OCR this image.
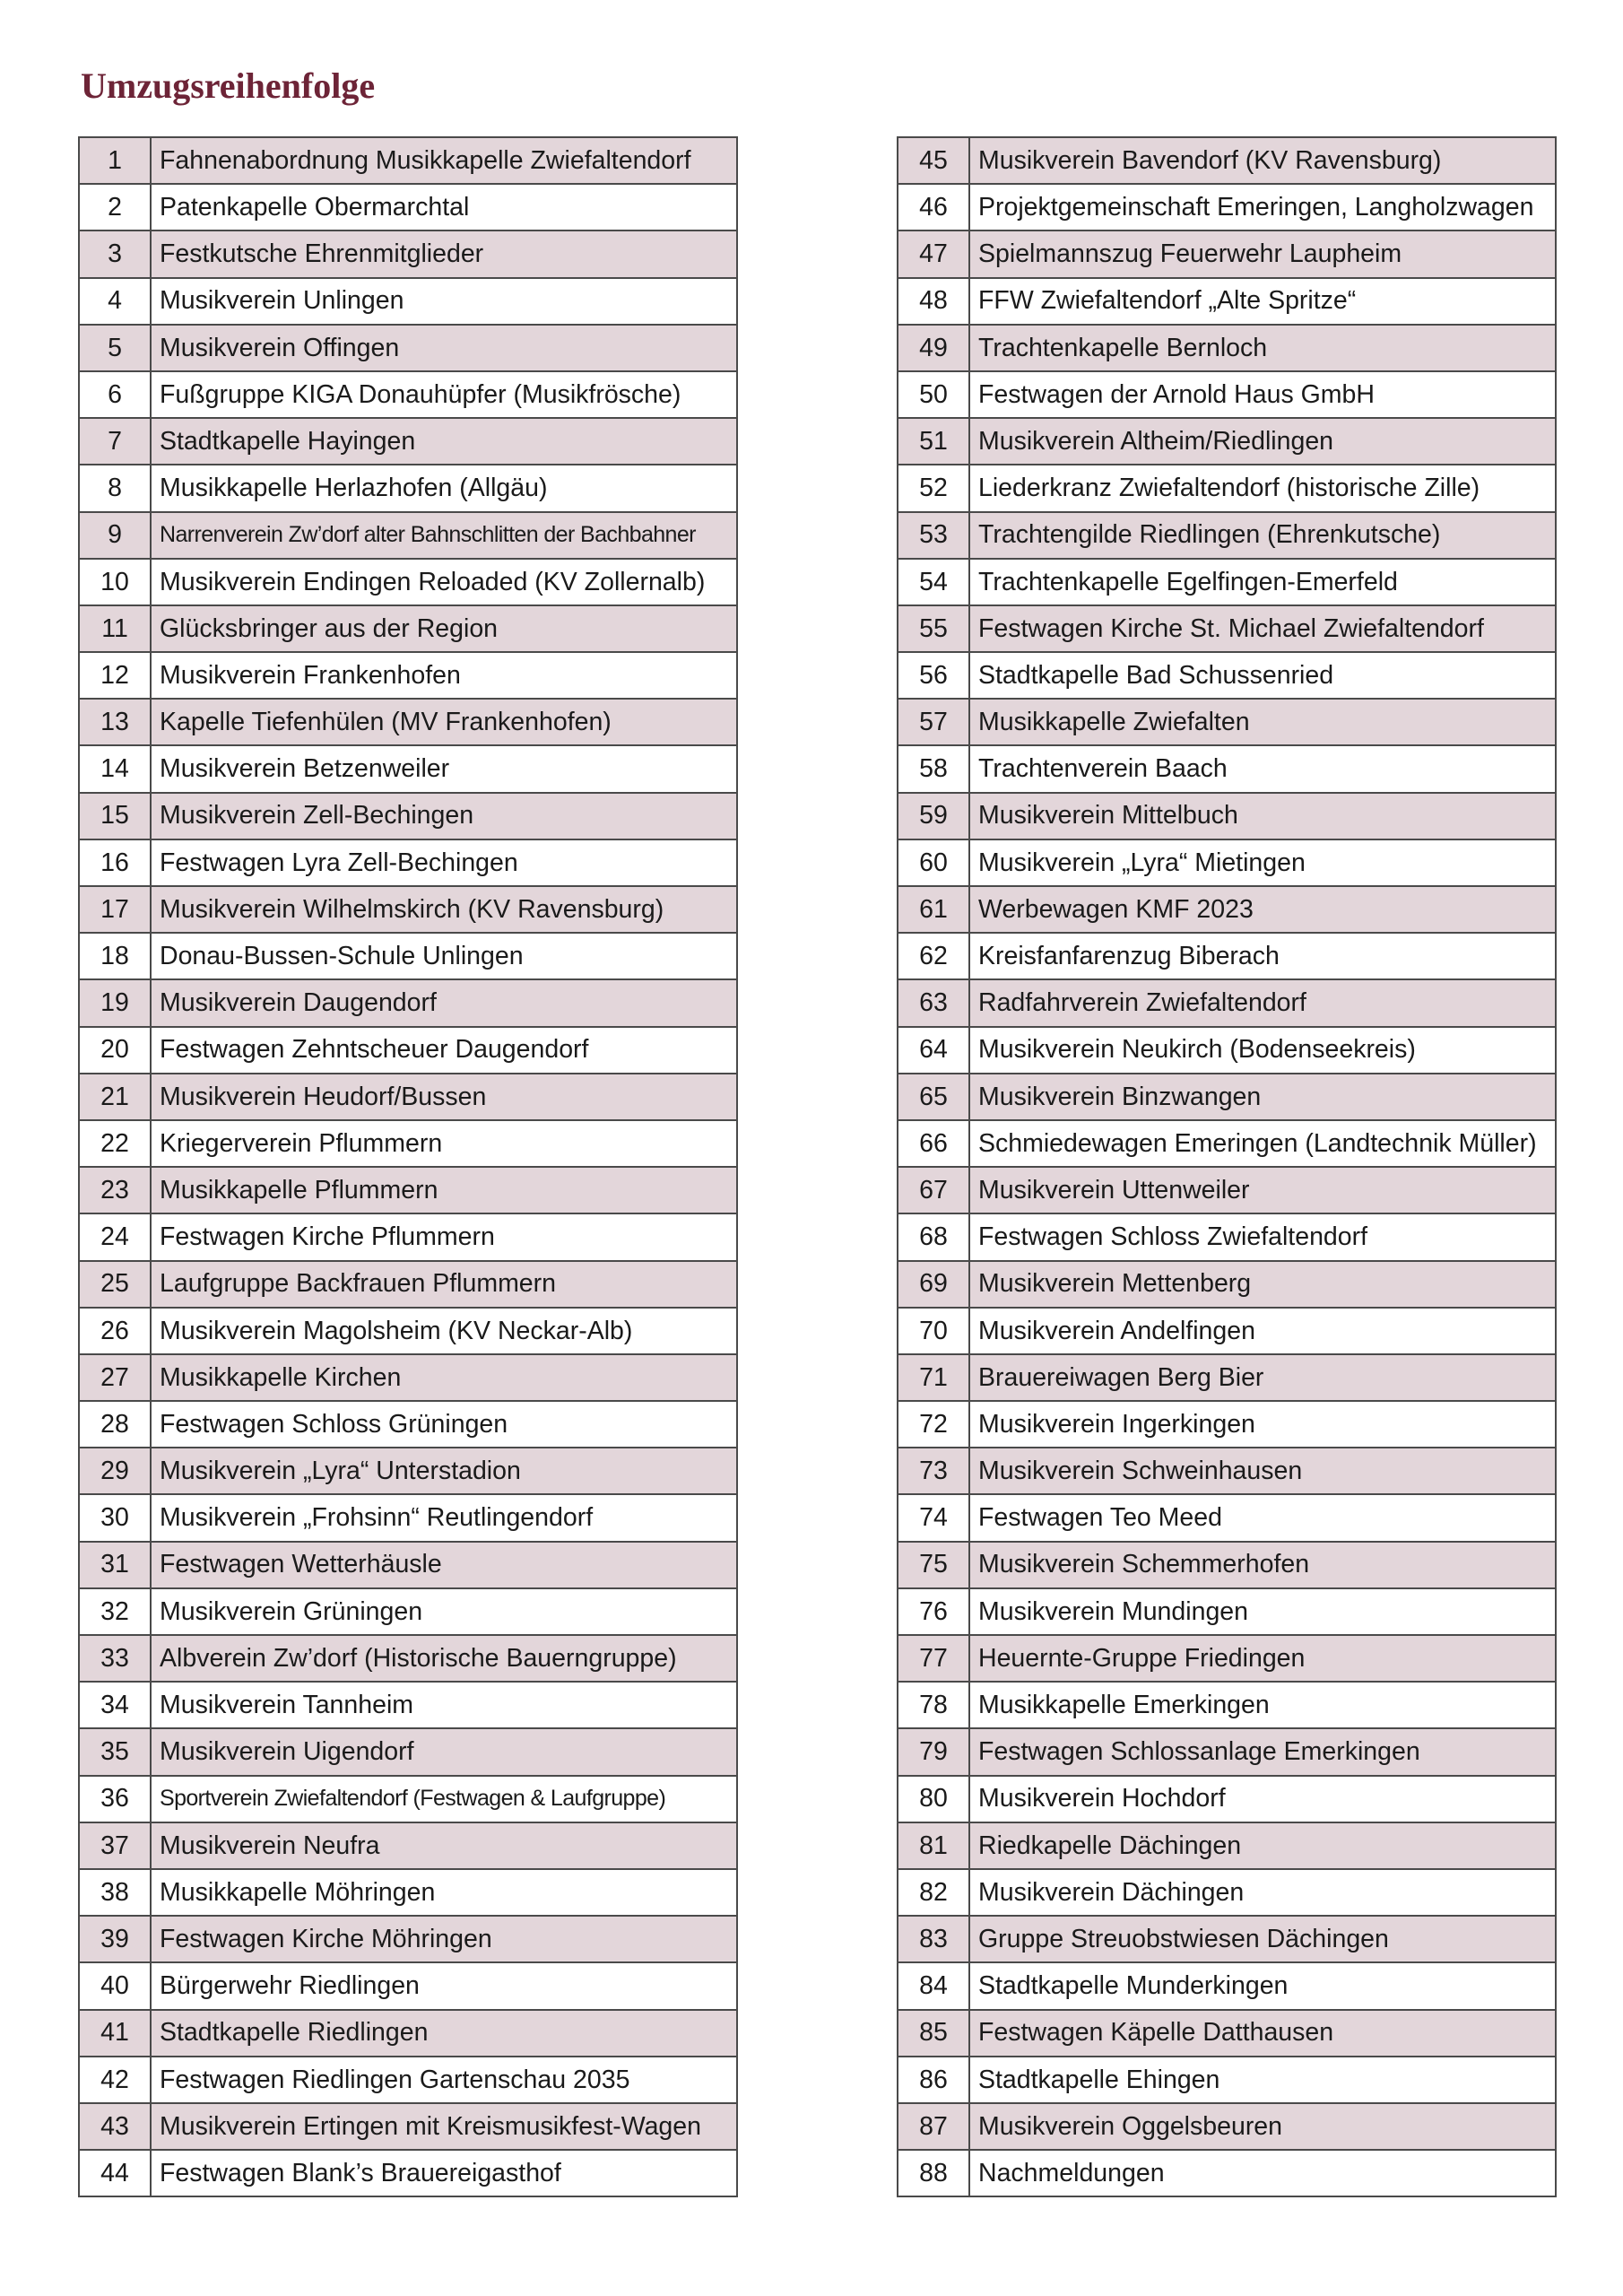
Umzugsreihenfolge
1	Fahnenabordnung Musikkapelle Zwiefaltendorf
2	Patenkapelle Obermarchtal
3	Festkutsche Ehrenmitglieder
4	Musikverein Unlingen
5	Musikverein Offingen
6	Fußgruppe KIGA Donauhüpfer (Musikfrösche)
7	Stadtkapelle Hayingen
8	Musikkapelle Herlazhofen (Allgäu)
9	Narrenverein Zw’dorf alter Bahnschlitten der Bachbahner
10	Musikverein Endingen Reloaded (KV Zollernalb)
11	Glücksbringer aus der Region
12	Musikverein Frankenhofen
13	Kapelle Tiefenhülen (MV Frankenhofen)
14	Musikverein Betzenweiler
15	Musikverein Zell-Bechingen
16	Festwagen Lyra Zell-Bechingen
17	Musikverein Wilhelmskirch (KV Ravensburg)
18	Donau-Bussen-Schule Unlingen
19	Musikverein Daugendorf
20	Festwagen Zehntscheuer Daugendorf
21	Musikverein Heudorf/Bussen
22	Kriegerverein Pflummern
23	Musikkapelle Pflummern
24	Festwagen Kirche Pflummern
25	Laufgruppe Backfrauen Pflummern
26	Musikverein Magolsheim (KV Neckar-Alb)
27	Musikkapelle Kirchen
28	Festwagen Schloss Grüningen
29	Musikverein „Lyra“ Unterstadion
30	Musikverein „Frohsinn“ Reutlingendorf
31	Festwagen Wetterhäusle
32	Musikverein Grüningen
33	Albverein Zw’dorf (Historische Bauerngruppe)
34	Musikverein Tannheim
35	Musikverein Uigendorf
36	Sportverein Zwiefaltendorf (Festwagen & Laufgruppe)
37	Musikverein Neufra
38	Musikkapelle Möhringen
39	Festwagen Kirche Möhringen
40	Bürgerwehr Riedlingen
41	Stadtkapelle Riedlingen
42	Festwagen Riedlingen Gartenschau 2035
43	Musikverein Ertingen mit Kreismusikfest-Wagen
44	Festwagen Blank’s Brauereigasthof
45	Musikverein Bavendorf (KV Ravensburg)
46	Projektgemeinschaft Emeringen, Langholzwagen
47	Spielmannszug Feuerwehr Laupheim
48	FFW Zwiefaltendorf „Alte Spritze“
49	Trachtenkapelle Bernloch
50	Festwagen der Arnold Haus GmbH
51	Musikverein Altheim/Riedlingen
52	Liederkranz Zwiefaltendorf (historische Zille)
53	Trachtengilde Riedlingen (Ehrenkutsche)
54	Trachtenkapelle Egelfingen-Emerfeld
55	Festwagen Kirche St. Michael Zwiefaltendorf
56	Stadtkapelle Bad Schussenried
57	Musikkapelle Zwiefalten
58	Trachtenverein Baach
59	Musikverein Mittelbuch
60	Musikverein „Lyra“ Mietingen
61	Werbewagen KMF 2023
62	Kreisfanfarenzug Biberach
63	Radfahrverein Zwiefaltendorf
64	Musikverein Neukirch (Bodenseekreis)
65	Musikverein Binzwangen
66	Schmiedewagen Emeringen (Landtechnik Müller)
67	Musikverein Uttenweiler
68	Festwagen Schloss Zwiefaltendorf
69	Musikverein Mettenberg
70	Musikverein Andelfingen
71	Brauereiwagen Berg Bier
72	Musikverein Ingerkingen
73	Musikverein Schweinhausen
74	Festwagen Teo Meed
75	Musikverein Schemmerhofen
76	Musikverein Mundingen
77	Heuernte-Gruppe Friedingen
78	Musikkapelle Emerkingen
79	Festwagen Schlossanlage Emerkingen
80	Musikverein Hochdorf
81	Riedkapelle Dächingen
82	Musikverein Dächingen
83	Gruppe Streuobstwiesen Dächingen
84	Stadtkapelle Munderkingen
85	Festwagen Käpelle Datthausen
86	Stadtkapelle Ehingen
87	Musikverein Oggelsbeuren
88	Nachmeldungen
